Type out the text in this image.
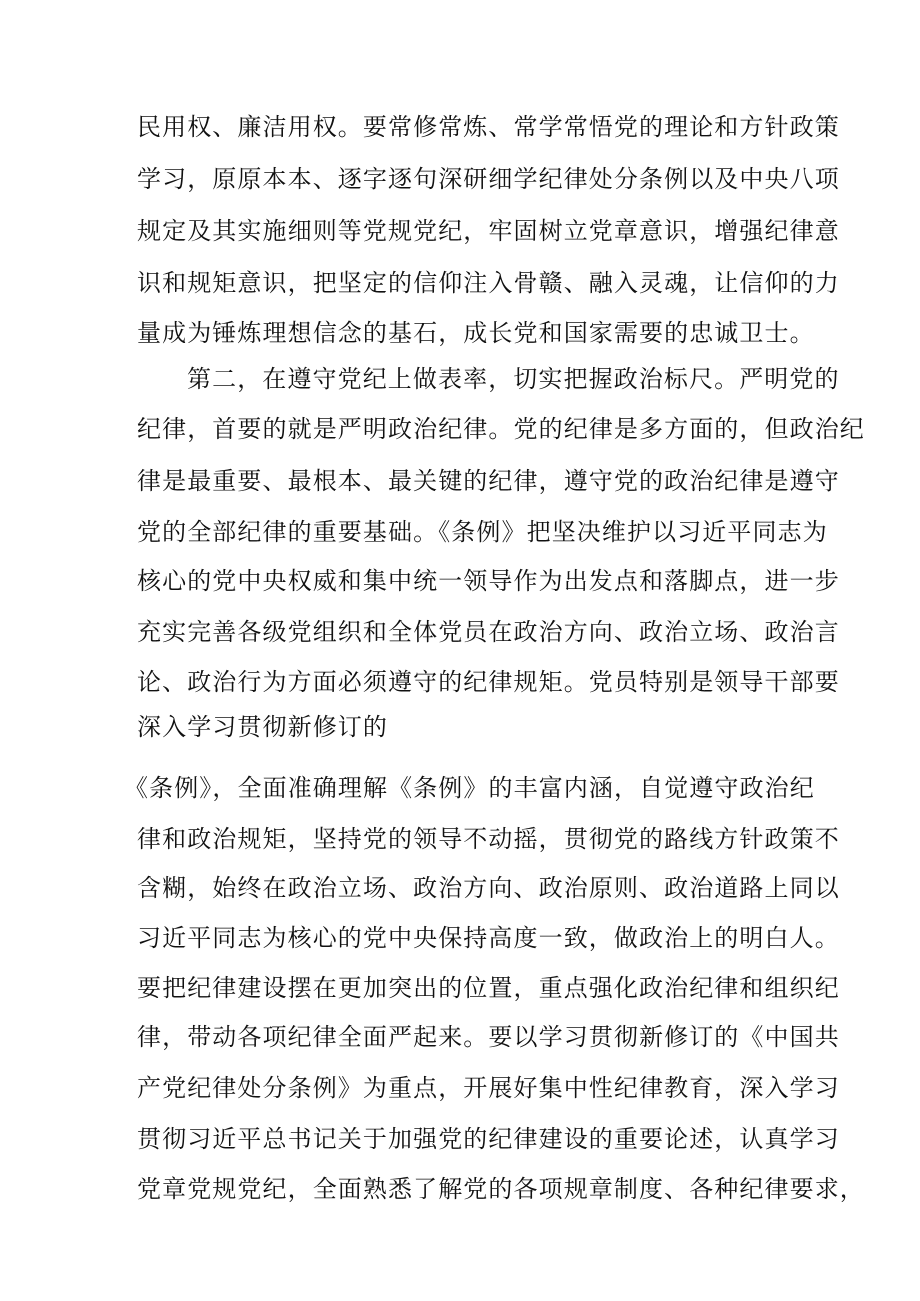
民用权、廉洁用权。要常修常炼、常学常悟党的理论和方针政策

学习，原原本本、逐字逐句深研细学纪律处分条例以及中央八项

规定及其实施细则等党规党纪，牢固树立党章意识，增强纪律意

识和规矩意识，把坚定的信仰注入骨赣、融入灵魂，让信仰的力

量成为锤炼理想信念的基石，成长党和国家需要的忠诚卫士。

第二，在遵守党纪上做表率，切实把握政治标尺。严明党的

纪律，首要的就是严明政治纪律。党的纪律是多方面的，但政治纪

律是最重要、最根本、最关键的纪律，遵守党的政治纪律是遵守

党的全部纪律的重要基础。《条例》把坚决维护以习近平同志为

核心的党中央权威和集中统一领导作为出发点和落脚点，进一步

充实完善各级党组织和全体党员在政治方向、政治立场、政治言

论、政治行为方面必须遵守的纪律规矩。党员特别是领导干部要

深入学习贯彻新修订的

《条例》，全面准确理解《条例》的丰富内涵，自觉遵守政治纪

律和政治规矩，坚持党的领导不动摇，贯彻党的路线方针政策不

含糊，始终在政治立场、政治方向、政治原则、政治道路上同以

习近平同志为核心的党中央保持高度一致，做政治上的明白人。

要把纪律建设摆在更加突出的位置，重点强化政治纪律和组织纪

律，带动各项纪律全面严起来。要以学习贯彻新修订的《中国共

产党纪律处分条例》为重点，开展好集中性纪律教育，深入学习

贯彻习近平总书记关于加强党的纪律建设的重要论述，认真学习

党章党规党纪，全面熟悉了解党的各项规章制度、各种纪律要求，
